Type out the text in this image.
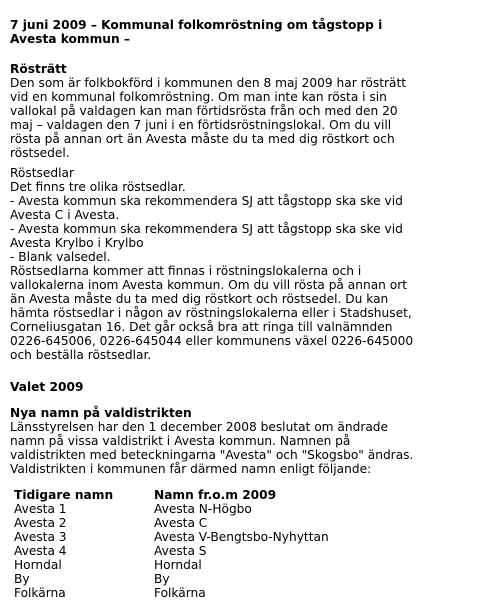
7 juni 2009 – Kommunal folkomröstning om tågstopp i
Avesta kommun –
Rösträtt
Den som är folkbokförd i kommunen den 8 maj 2009 har rösträtt
vid en kommunal folkomröstning. Om man inte kan rösta i sin
vallokal på valdagen kan man förtidsrösta från och med den 20
maj – valdagen den 7 juni i en förtidsröstningslokal. Om du vill
rösta på annan ort än Avesta måste du ta med dig röstkort och
röstsedel.
Röstsedlar
Det finns tre olika röstsedlar.
- Avesta kommun ska rekommendera SJ att tågstopp ska ske vid
Avesta C i Avesta.
- Avesta kommun ska rekommendera SJ att tågstopp ska ske vid
Avesta Krylbo i Krylbo
- Blank valsedel.
Röstsedlarna kommer att finnas i röstningslokalerna och i
vallokalerna inom Avesta kommun. Om du vill rösta på annan ort
än Avesta måste du ta med dig röstkort och röstsedel. Du kan
hämta röstsedlar i någon av röstningslokalerna eller i Stadshuset,
Corneliusgatan 16. Det går också bra att ringa till valnämnden
0226-645006, 0226-645044 eller kommunens växel 0226-645000
och beställa röstsedlar.
Valet 2009
Nya namn på valdistrikten
Länsstyrelsen har den 1 december 2008 beslutat om ändrade
namn på vissa valdistrikt i Avesta kommun. Namnen på
valdistrikten med beteckningarna "Avesta" och "Skogsbo" ändras.
Valdistrikten i kommunen får därmed namn enligt följande:
Tidigare namn	Namn fr.o.m 2009
Avesta 1	Avesta N-Högbo
Avesta 2	Avesta C
Avesta 3	Avesta V-Bengtsbo-Nyhyttan
Avesta 4	Avesta S
Horndal	Horndal
By	By
Folkärna	Folkärna
